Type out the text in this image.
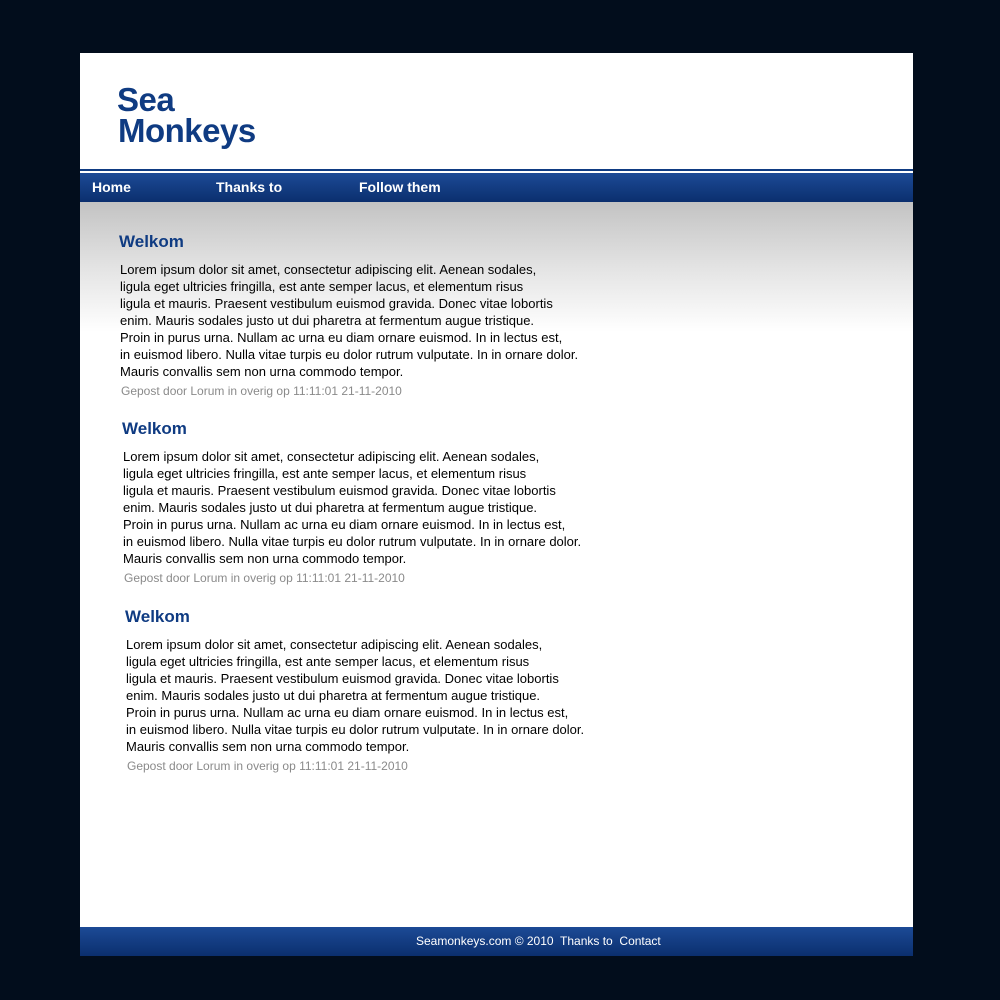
Sea
Monkeys
Home	Thanks to	Follow them
Welkom
Lorem ipsum dolor sit amet, consectetur adipiscing elit. Aenean sodales,
ligula eget ultricies fringilla, est ante semper lacus, et elementum risus
ligula et mauris. Praesent vestibulum euismod gravida. Donec vitae lobortis
enim. Mauris sodales justo ut dui pharetra at fermentum augue tristique.
Proin in purus urna. Nullam ac urna eu diam ornare euismod. In in lectus est,
in euismod libero. Nulla vitae turpis eu dolor rutrum vulputate. In in ornare dolor.
Mauris convallis sem non urna commodo tempor.
Gepost door Lorum in overig op 11:11:01 21-11-2010
Welkom
Lorem ipsum dolor sit amet, consectetur adipiscing elit. Aenean sodales,
ligula eget ultricies fringilla, est ante semper lacus, et elementum risus
ligula et mauris. Praesent vestibulum euismod gravida. Donec vitae lobortis
enim. Mauris sodales justo ut dui pharetra at fermentum augue tristique.
Proin in purus urna. Nullam ac urna eu diam ornare euismod. In in lectus est,
in euismod libero. Nulla vitae turpis eu dolor rutrum vulputate. In in ornare dolor.
Mauris convallis sem non urna commodo tempor.
Gepost door Lorum in overig op 11:11:01 21-11-2010
Welkom
Lorem ipsum dolor sit amet, consectetur adipiscing elit. Aenean sodales,
ligula eget ultricies fringilla, est ante semper lacus, et elementum risus
ligula et mauris. Praesent vestibulum euismod gravida. Donec vitae lobortis
enim. Mauris sodales justo ut dui pharetra at fermentum augue tristique.
Proin in purus urna. Nullam ac urna eu diam ornare euismod. In in lectus est,
in euismod libero. Nulla vitae turpis eu dolor rutrum vulputate. In in ornare dolor.
Mauris convallis sem non urna commodo tempor.
Gepost door Lorum in overig op 11:11:01 21-11-2010
Seamonkeys.com © 2010 Thanks to Contact
